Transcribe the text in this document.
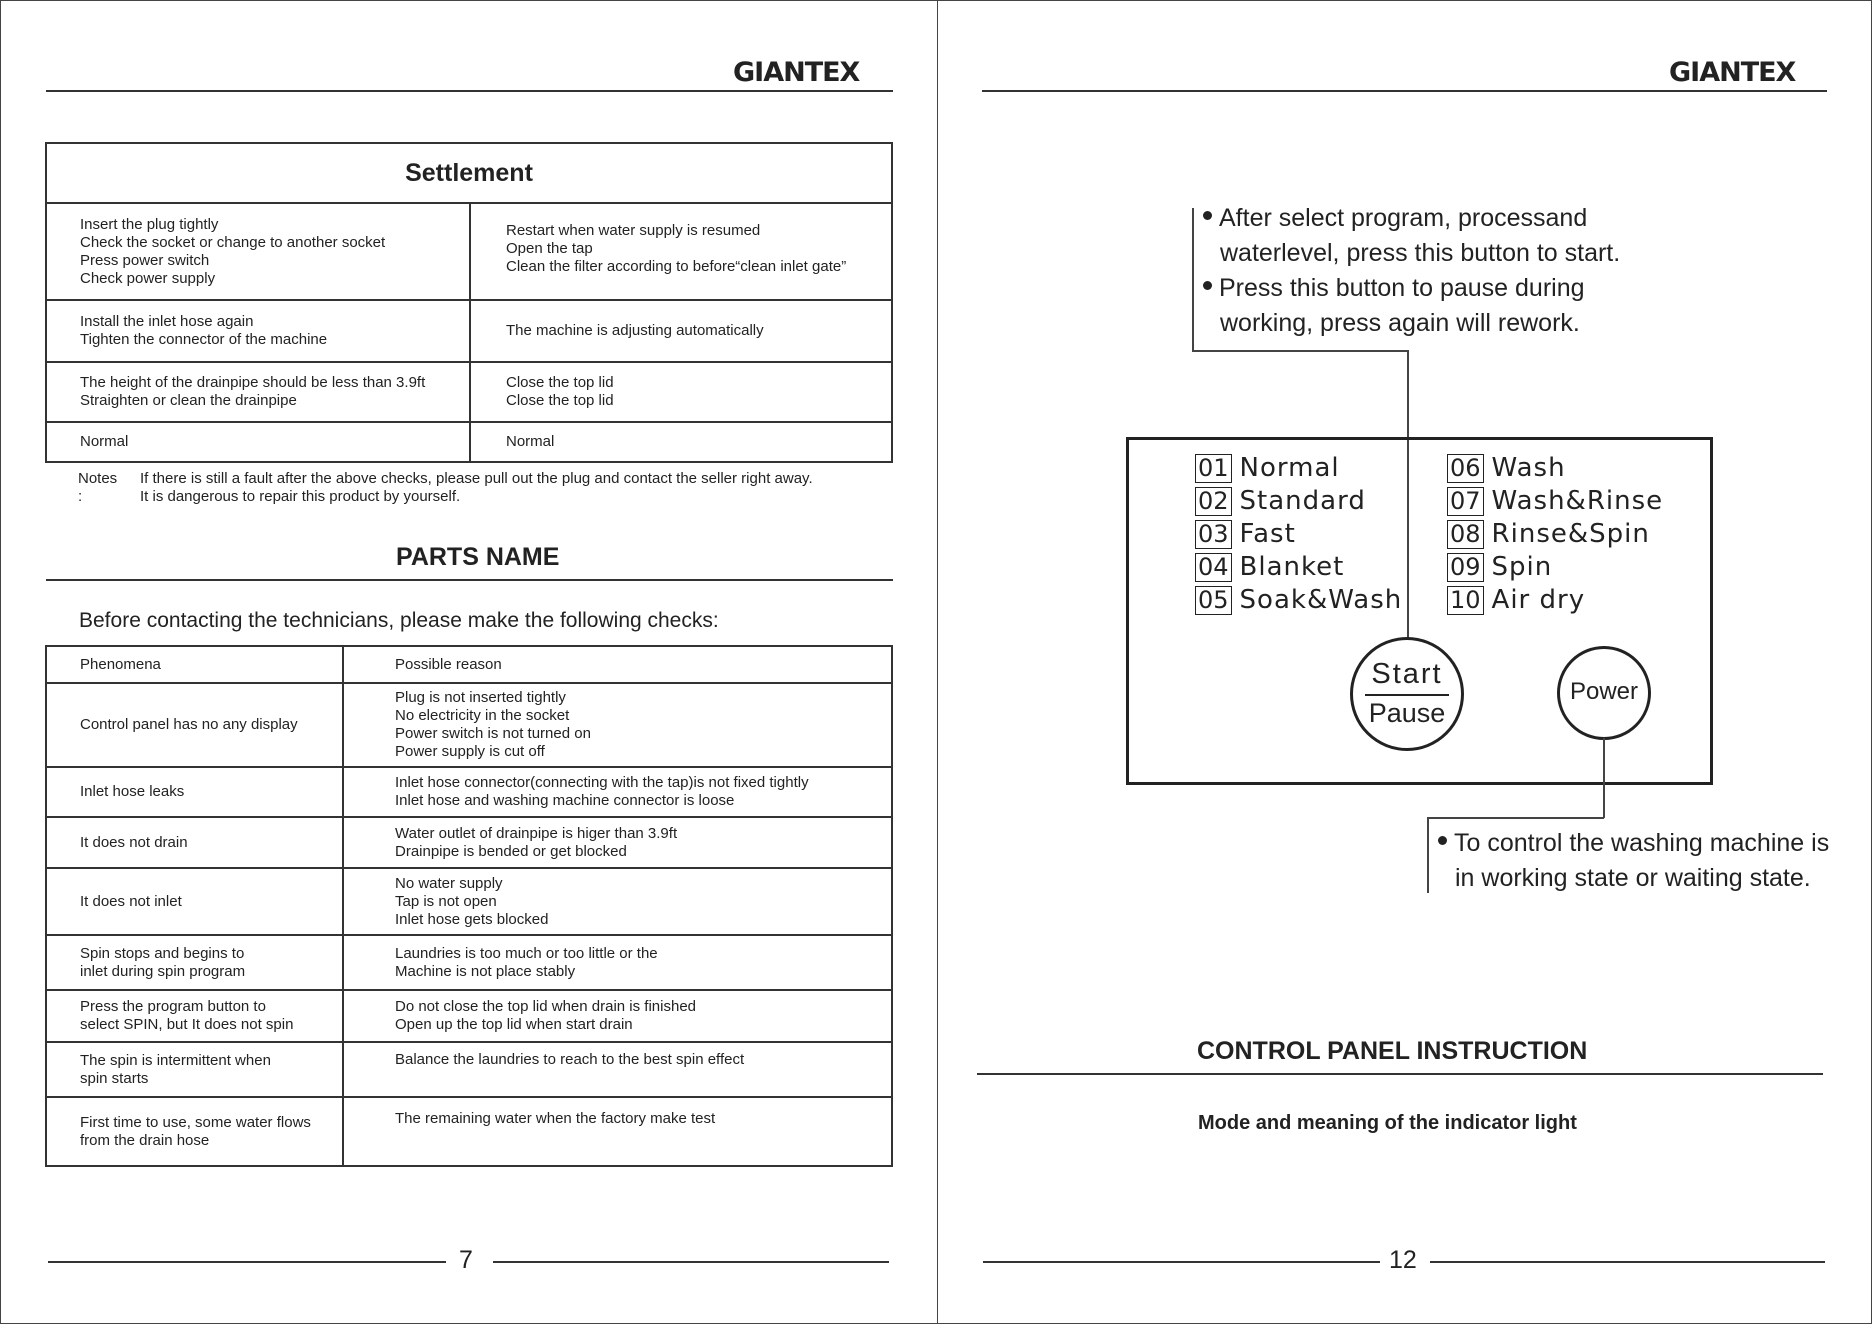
GIANTEX
Settlement	

Insert the plug tightly
Check the socket or change to another socket
Press power switch
Check power supply	Restart when water supply is resumed
Open the tap
Clean the filter according to before“clean inlet gate”

Install the inlet hose again
Tighten the connector of the machine	The machine is adjusting automatically

The height of the drainpipe should be less than 3.9ft
Straighten or clean the drainpipe	Close the top lid
Close the top lid

Normal	Normal
Notes :
If there is still a fault after the above checks, please pull out the plug and contact the seller right away.
It is dangerous to repair this product by yourself.
PARTS NAME
Before contacting the technicians, please make the following checks:
Phenomena	Possible reason

Control panel has no any display	Plug is not inserted tightly
No electricity in the socket
Power switch is not turned on
Power supply is cut off

Inlet hose leaks	Inlet hose connector(connecting with the tap)is not fixed tightly
Inlet hose and washing machine connector is loose

It does not drain	Water outlet of drainpipe is higer than 3.9ft
Drainpipe is bended or get blocked

It does not inlet	No water supply
Tap is not open
Inlet hose gets blocked

Spin stops and begins to
inlet during spin program	Laundries is too much or too little or the
Machine is not place stably

Press the program button to
select SPIN, but It does not spin	Do not close the top lid when drain is finished
Open up the top lid when start drain

The spin is intermittent when
spin starts	Balance the laundries to reach to the best spin effect

First time to use, some water flows
from the drain hose	The remaining water when the factory make test
7
GIANTEX
After select program, processand
waterlevel, press this button to start.
Press this button to pause during
working, press again will rework.
01 Normal
02 Standard
03 Fast
04 Blanket
05 Soak&Wash
06 Wash
07 Wash&Rinse
08 Rinse&Spin
09 Spin
10 Air dry
Start
Pause
Power
To control the washing machine is
in working state or waiting state.
CONTROL PANEL INSTRUCTION
Mode and meaning of the indicator light
12
